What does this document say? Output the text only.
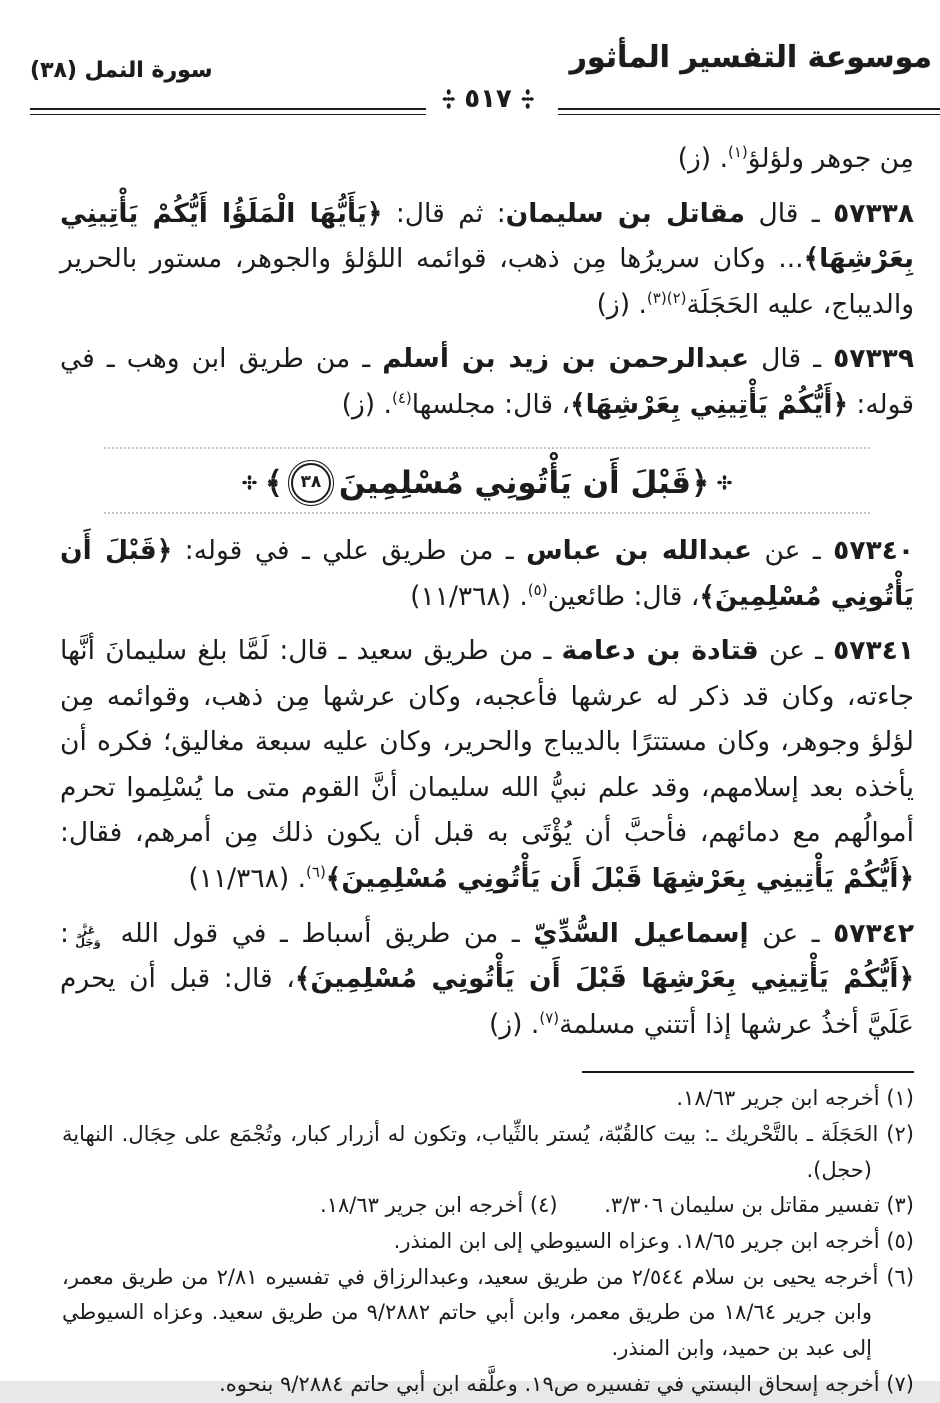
موسوعة التفسير المأثور
سورة النمل (٣٨)
٥١٧

مِن جوهر ولؤلؤ$^{(١)}$. (ز)

٥٧٣٣٨ ـ قال مقاتل بن سليمان: ثم قال: ﴿يَأَيُّهَا الْمَلَؤُا أَيُّكُمْ يَأْتِينِي بِعَرْشِهَا﴾... وكان سريرُها مِن ذهب، قوائمه اللؤلؤ والجوهر، مستور بالحرير والديباج، عليه الحَجَلَة$^{(٢)(٣)}$. (ز)

٥٧٣٣٩ ـ قال عبدالرحمن بن زيد بن أسلم ـ من طريق ابن وهب ـ في قوله: ﴿أَيُّكُمْ يَأْتِينِي بِعَرْشِهَا﴾، قال: مجلسها$^{(٤)}$. (ز)

﴿قَبْلَ أَن يَأْتُونِي مُسْلِمِينَ
٣٨
﴾

٥٧٣٤٠ ـ عن عبدالله بن عباس ـ من طريق علي ـ في قوله: ﴿قَبْلَ أَن يَأْتُونِي مُسْلِمِينَ﴾، قال: طائعين$^{(٥)}$. (١١/٣٦٨)

٥٧٣٤١ ـ عن قتادة بن دعامة ـ من طريق سعيد ـ قال: لَمَّا بلغ سليمانَ أنَّها جاءته، وكان قد ذكر له عرشها فأعجبه، وكان عرشها مِن ذهب، وقوائمه مِن لؤلؤ وجوهر، وكان مستترًا بالديباج والحرير، وكان عليه سبعة مغاليق؛ فكره أن يأخذه بعد إسلامهم، وقد علم نبيُّ الله سليمان أنَّ القوم متى ما يُسْلِموا تحرم أموالُهم مع دمائهم، فأحبَّ أن يُؤْتَى به قبل أن يكون ذلك مِن أمرهم، فقال: ﴿أَيُّكُمْ يَأْتِينِي بِعَرْشِهَا قَبْلَ أَن يَأْتُونِي مُسْلِمِينَ﴾$^{(٦)}$. (١١/٣٦٨)

٥٧٣٤٢ ـ عن إسماعيل السُّدِّيّ ـ من طريق أسباط ـ في قول الله عَزَّ وَجَلَّ: ﴿أَيُّكُمْ يَأْتِينِي بِعَرْشِهَا قَبْلَ أَن يَأْتُونِي مُسْلِمِينَ﴾، قال: قبل أن يحرم عَلَيَّ أخذُ عرشها إذا أتتني مسلمة$^{(٧)}$. (ز)

(١) أخرجه ابن جرير ١٨/٦٣.
(٢) الحَجَلَة ـ بالتَّحْريك ـ: بيت كالقُبّة، يُستر بالثِّياب، وتكون له أزرار كبار، وتُجْمَع على حِجَال. النهاية (حجل).
(٣) تفسير مقاتل بن سليمان ٣/٣٠٦.
(٤) أخرجه ابن جرير ١٨/٦٣.
(٥) أخرجه ابن جرير ١٨/٦٥. وعزاه السيوطي إلى ابن المنذر.
(٦) أخرجه يحيى بن سلام ٢/٥٤٤ من طريق سعيد، وعبدالرزاق في تفسيره ٢/٨١ من طريق معمر، وابن جرير ١٨/٦٤ من طريق معمر، وابن أبي حاتم ٩/٢٨٨٢ من طريق سعيد. وعزاه السيوطي إلى عبد بن حميد، وابن المنذر.
(٧) أخرجه إسحاق البستي في تفسيره ص١٩. وعلَّقه ابن أبي حاتم ٩/٢٨٨٤ بنحوه.
